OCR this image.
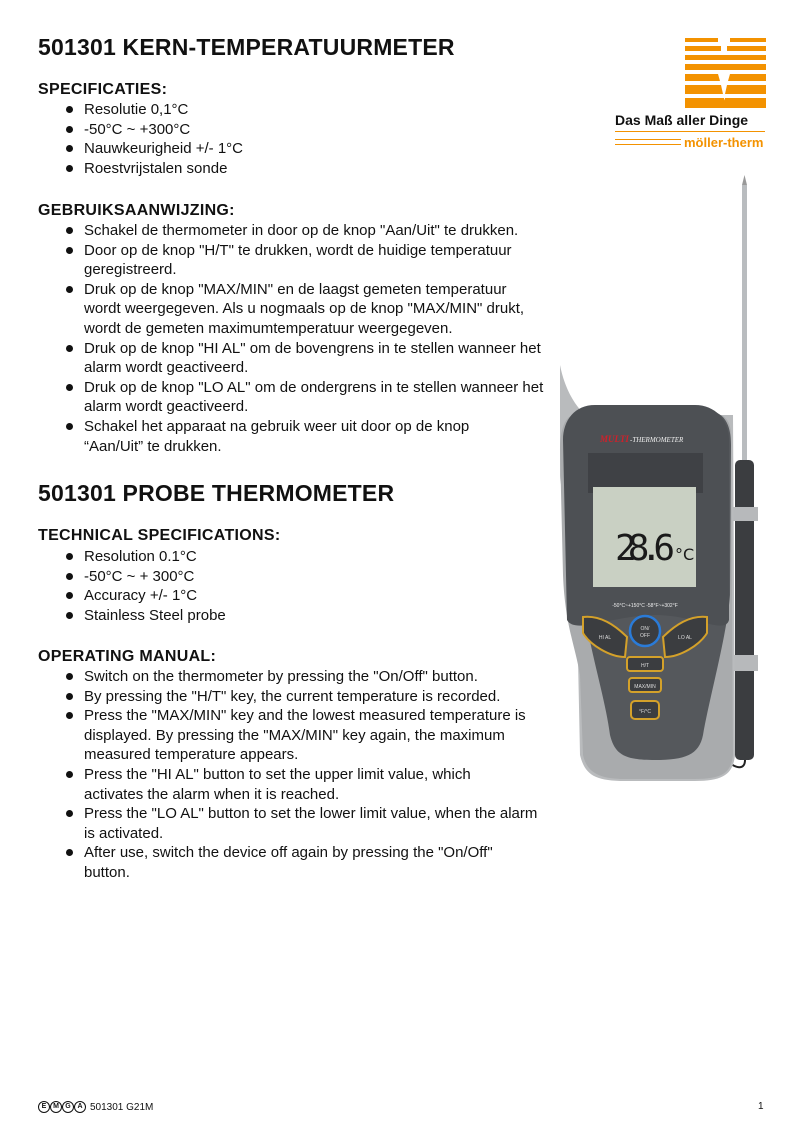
501301 KERN-TEMPERATUURMETER
SPECIFICATIES:
Resolutie 0,1°C
-50°C ~ +300°C
Nauwkeurigheid +/- 1°C
Roestvrijstalen sonde
GEBRUIKSAANWIJZING:
Schakel de thermometer in door op de knop "Aan/Uit" te drukken.
Door op de knop "H/T" te drukken, wordt de huidige temperatuur geregistreerd.
Druk op de knop "MAX/MIN" en de laagst gemeten temperatuur wordt weergegeven. Als u nogmaals op de knop "MAX/MIN" drukt, wordt de gemeten maximumtemperatuur weergegeven.
Druk op de knop "HI AL" om de bovengrens in te stellen wanneer het alarm wordt geactiveerd.
Druk op de knop "LO AL" om de ondergrens in te stellen wanneer het alarm wordt geactiveerd.
Schakel het apparaat na gebruik weer uit door op de knop “Aan/Uit” te drukken.
501301 PROBE THERMOMETER
TECHNICAL SPECIFICATIONS:
Resolution 0.1°C
-50°C ~ + 300°C
Accuracy +/- 1°C
Stainless Steel probe
OPERATING MANUAL:
Switch on the thermometer by pressing the "On/Off" button.
By pressing the "H/T" key, the current temperature is recorded.
Press the "MAX/MIN" key and the lowest measured temperature is displayed. By pressing the "MAX/MIN" key again, the maximum measured temperature appears.
Press the "HI AL" button to set the upper limit value, which activates the alarm when it is reached.
Press the "LO AL" button to set the lower limit value, when the alarm is activated.
After use, switch the device off again by pressing the "On/Off" button.
Das Maß aller Dinge
möller-therm
MULTI -THERMOMETER
28.6 °C
-50°C~+150°C -58°F~+302°F
ON/
OFF
HI AL	LO AL
H/T
MAX/MIN
°F/°C
E M G A 501301 G21M	1
